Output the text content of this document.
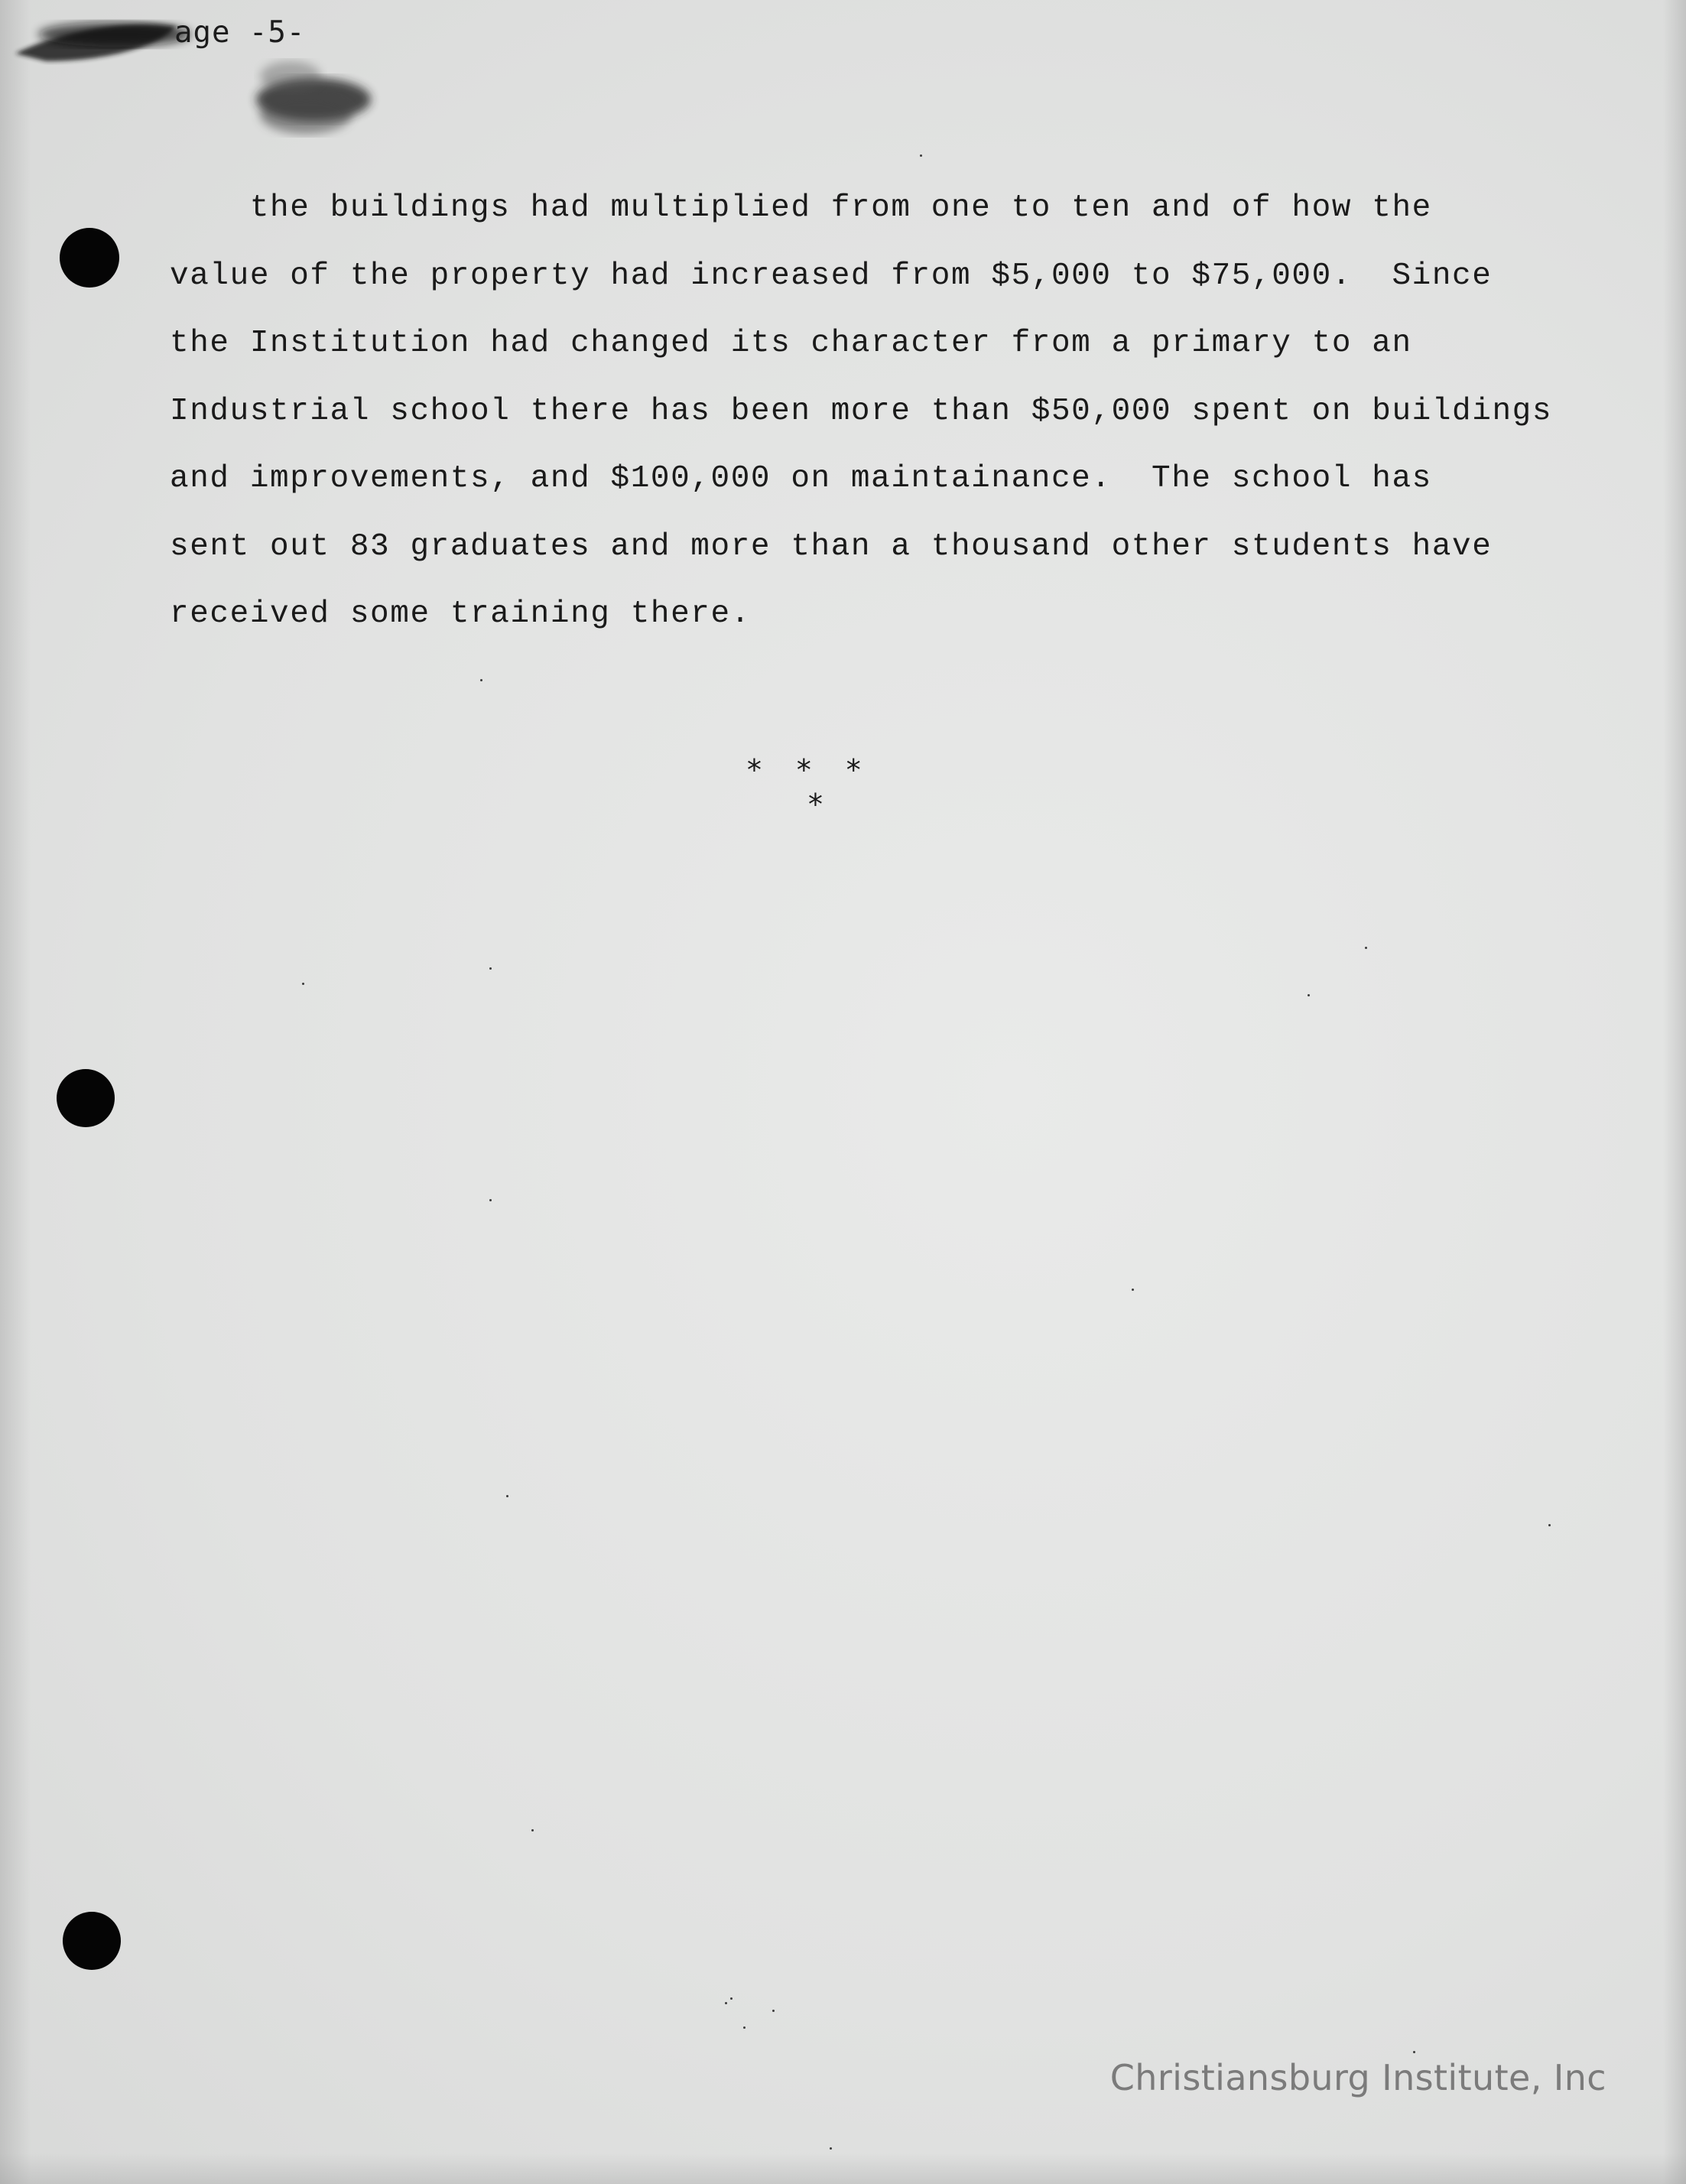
age -5-
the buildings had multiplied from one to ten and of how the
value of the property had increased from $5,000 to $75,000.  Since
the Institution had changed its character from a primary to an
Industrial school there has been more than $50,000 spent on buildings
and improvements, and $100,000 on maintainance.  The school has
sent out 83 graduates and more than a thousand other students have
received some training there.
***
*
Christiansburg Institute, Inc
